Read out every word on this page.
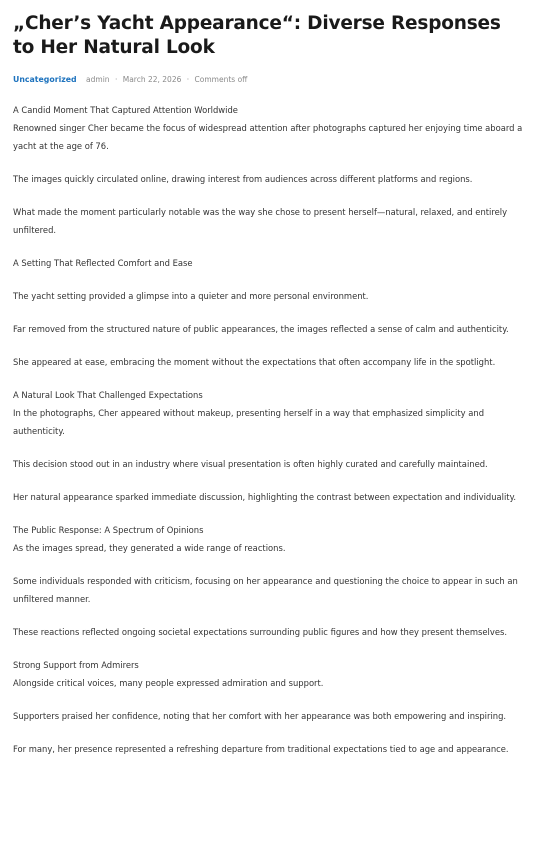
„Cher’s Yacht Appearance“: Diverse Responses to Her Natural Look
Uncategorized admin · March 22, 2026 · Comments off
A Candid Moment That Captured Attention Worldwide
Renowned singer Cher became the focus of widespread attention after photographs captured her enjoying time aboard a yacht at the age of 76.
The images quickly circulated online, drawing interest from audiences across different platforms and regions.
What made the moment particularly notable was the way she chose to present herself—natural, relaxed, and entirely unfiltered.
A Setting That Reflected Comfort and Ease
The yacht setting provided a glimpse into a quieter and more personal environment.
Far removed from the structured nature of public appearances, the images reflected a sense of calm and authenticity.
She appeared at ease, embracing the moment without the expectations that often accompany life in the spotlight.
A Natural Look That Challenged Expectations
In the photographs, Cher appeared without makeup, presenting herself in a way that emphasized simplicity and authenticity.
This decision stood out in an industry where visual presentation is often highly curated and carefully maintained.
Her natural appearance sparked immediate discussion, highlighting the contrast between expectation and individuality.
The Public Response: A Spectrum of Opinions
As the images spread, they generated a wide range of reactions.
Some individuals responded with criticism, focusing on her appearance and questioning the choice to appear in such an unfiltered manner.
These reactions reflected ongoing societal expectations surrounding public figures and how they present themselves.
Strong Support from Admirers
Alongside critical voices, many people expressed admiration and support.
Supporters praised her confidence, noting that her comfort with her appearance was both empowering and inspiring.
For many, her presence represented a refreshing departure from traditional expectations tied to age and appearance.
